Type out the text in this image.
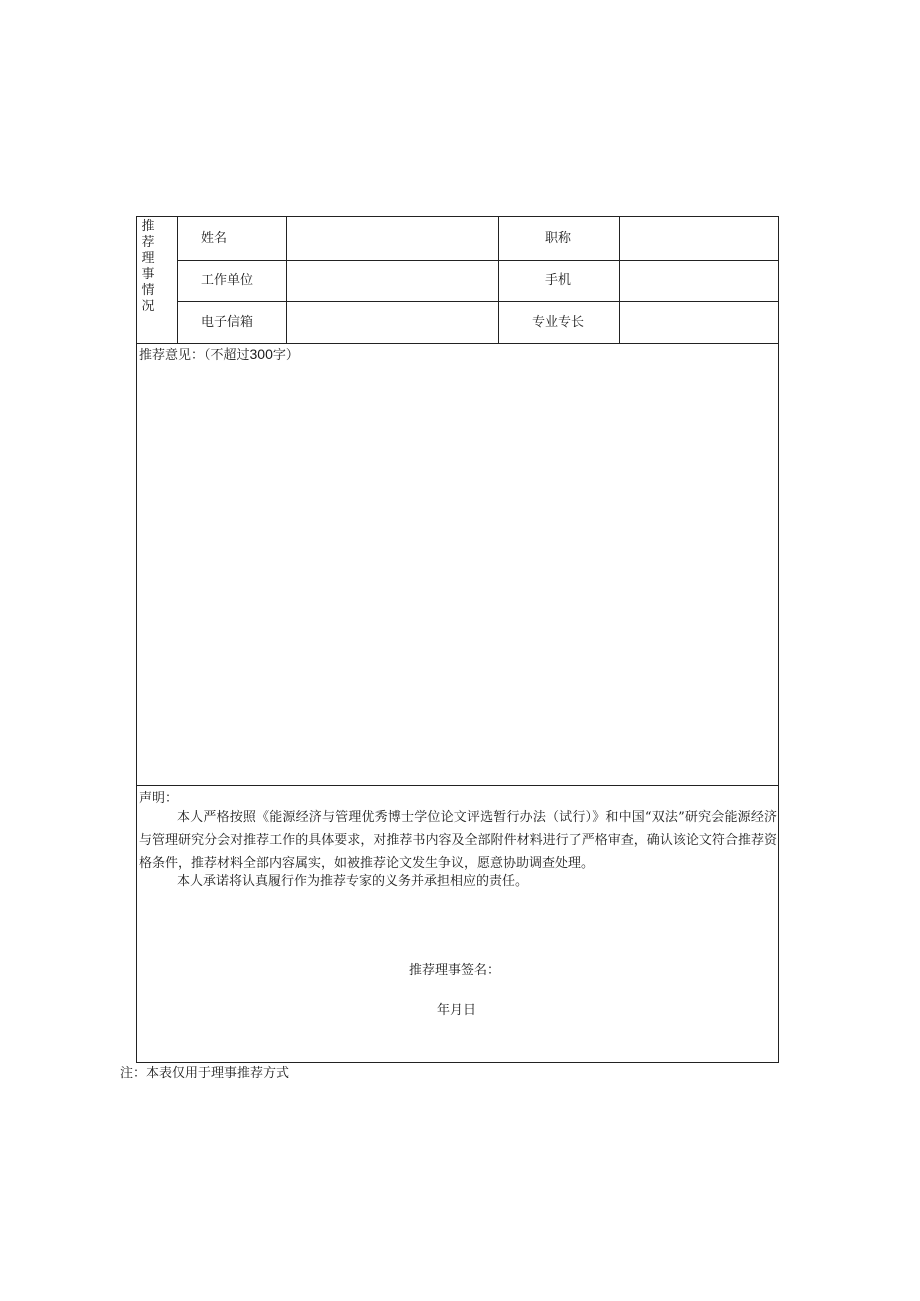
推
荐
理
事
情
况
姓名	职称
工作单位	手机
电子信箱	专业专长
推荐意见：（不超过300字）
声明：
本人严格按照《能源经济与管理优秀博士学位论文评选暂行办法（试行）》和中国“双法”研究会能源经济与管理研究分会对推荐工作的具体要求，对推荐书内容及全部附件材料进行了严格审查，确认该论文符合推荐资格条件，推荐材料全部内容属实，如被推荐论文发生争议，愿意协助调查处理。
本人承诺将认真履行作为推荐专家的义务并承担相应的责任。
推荐理事签名：
年月日
注：本表仅用于理事推荐方式
